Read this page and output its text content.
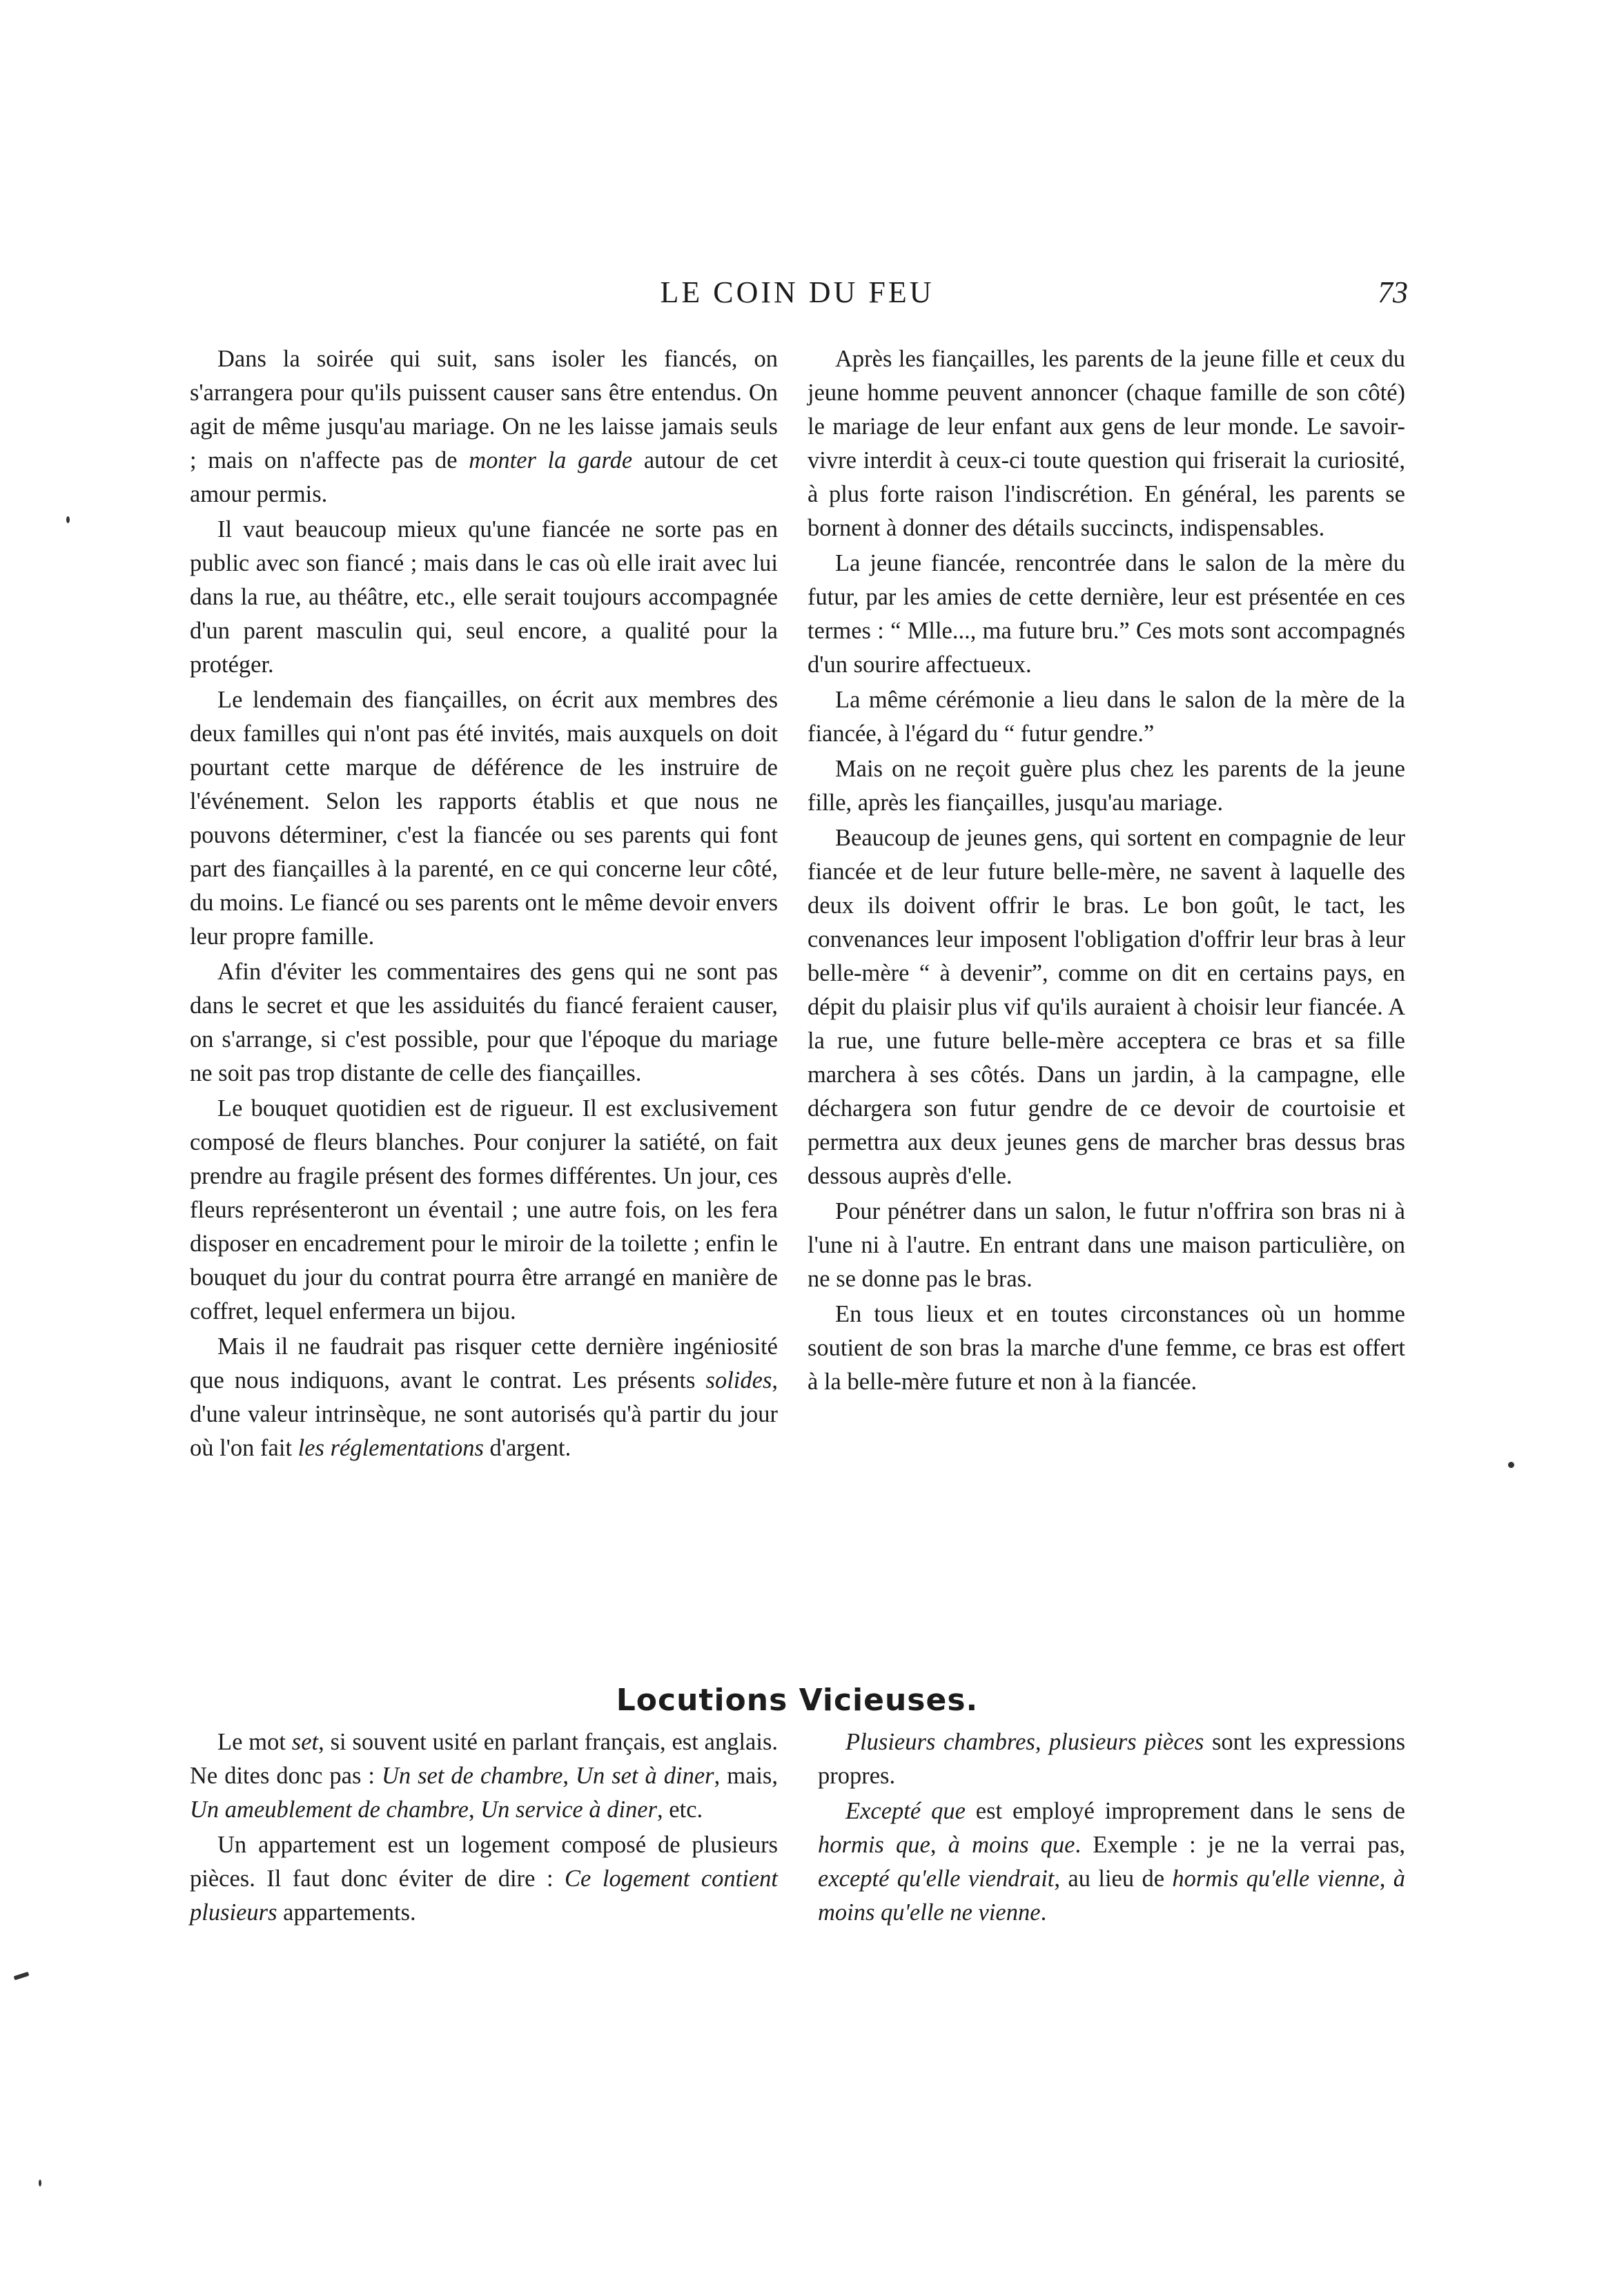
LE COIN DU FEU	73

Dans la soirée qui suit, sans isoler les fiancés, on s'arrangera pour qu'ils puissent causer sans être entendus. On agit de même jusqu'au mariage. On ne les laisse jamais seuls ; mais on n'affecte pas de monter la garde autour de cet amour permis.

Il vaut beaucoup mieux qu'une fiancée ne sorte pas en public avec son fiancé ; mais dans le cas où elle irait avec lui dans la rue, au théâtre, etc., elle serait toujours accompagnée d'un parent masculin qui, seul encore, a qualité pour la protéger.

Le lendemain des fiançailles, on écrit aux membres des deux familles qui n'ont pas été invités, mais auxquels on doit pourtant cette marque de déférence de les instruire de l'événement. Selon les rapports établis et que nous ne pouvons déterminer, c'est la fiancée ou ses parents qui font part des fiançailles à la parenté, en ce qui concerne leur côté, du moins. Le fiancé ou ses parents ont le même devoir envers leur propre famille.

Afin d'éviter les commentaires des gens qui ne sont pas dans le secret et que les assiduités du fiancé feraient causer, on s'arrange, si c'est possible, pour que l'époque du mariage ne soit pas trop distante de celle des fiançailles.

Le bouquet quotidien est de rigueur. Il est exclusivement composé de fleurs blanches. Pour conjurer la satiété, on fait prendre au fragile présent des formes différentes. Un jour, ces fleurs représenteront un éventail ; une autre fois, on les fera disposer en encadrement pour le miroir de la toilette ; enfin le bouquet du jour du contrat pourra être arrangé en manière de coffret, lequel enfermera un bijou.

Mais il ne faudrait pas risquer cette dernière ingéniosité que nous indiquons, avant le contrat. Les présents solides, d'une valeur intrinsèque, ne sont autorisés qu'à partir du jour où l'on fait les réglementations d'argent.

Après les fiançailles, les parents de la jeune fille et ceux du jeune homme peuvent annoncer (chaque famille de son côté) le mariage de leur enfant aux gens de leur monde. Le savoir-vivre interdit à ceux-ci toute question qui friserait la curiosité, à plus forte raison l'indiscrétion. En général, les parents se bornent à donner des détails succincts, indispensables.

La jeune fiancée, rencontrée dans le salon de la mère du futur, par les amies de cette dernière, leur est présentée en ces termes : “ Mlle..., ma future bru.” Ces mots sont accompagnés d'un sourire affectueux.

La même cérémonie a lieu dans le salon de la mère de la fiancée, à l'égard du “ futur gendre.”

Mais on ne reçoit guère plus chez les parents de la jeune fille, après les fiançailles, jusqu'au mariage.

Beaucoup de jeunes gens, qui sortent en compagnie de leur fiancée et de leur future belle-mère, ne savent à laquelle des deux ils doivent offrir le bras. Le bon goût, le tact, les convenances leur imposent l'obligation d'offrir leur bras à leur belle-mère “ à devenir”, comme on dit en certains pays, en dépit du plaisir plus vif qu'ils auraient à choisir leur fiancée. A la rue, une future belle-mère acceptera ce bras et sa fille marchera à ses côtés. Dans un jardin, à la campagne, elle déchargera son futur gendre de ce devoir de courtoisie et permettra aux deux jeunes gens de marcher bras dessus bras dessous auprès d'elle.

Pour pénétrer dans un salon, le futur n'offrira son bras ni à l'une ni à l'autre. En entrant dans une maison particulière, on ne se donne pas le bras.

En tous lieux et en toutes circonstances où un homme soutient de son bras la marche d'une femme, ce bras est offert à la belle-mère future et non à la fiancée.

Locutions Vicieuses.

Le mot set, si souvent usité en parlant français, est anglais. Ne dites donc pas : Un set de chambre, Un set à diner, mais, Un ameublement de chambre, Un service à diner, etc.

Un appartement est un logement composé de plusieurs pièces. Il faut donc éviter de dire : Ce logement contient plusieurs appartements.

Plusieurs chambres, plusieurs pièces sont les expressions propres.

Excepté que est employé improprement dans le sens de hormis que, à moins que. Exemple : je ne la verrai pas, excepté qu'elle viendrait, au lieu de hormis qu'elle vienne, à moins qu'elle ne vienne.
